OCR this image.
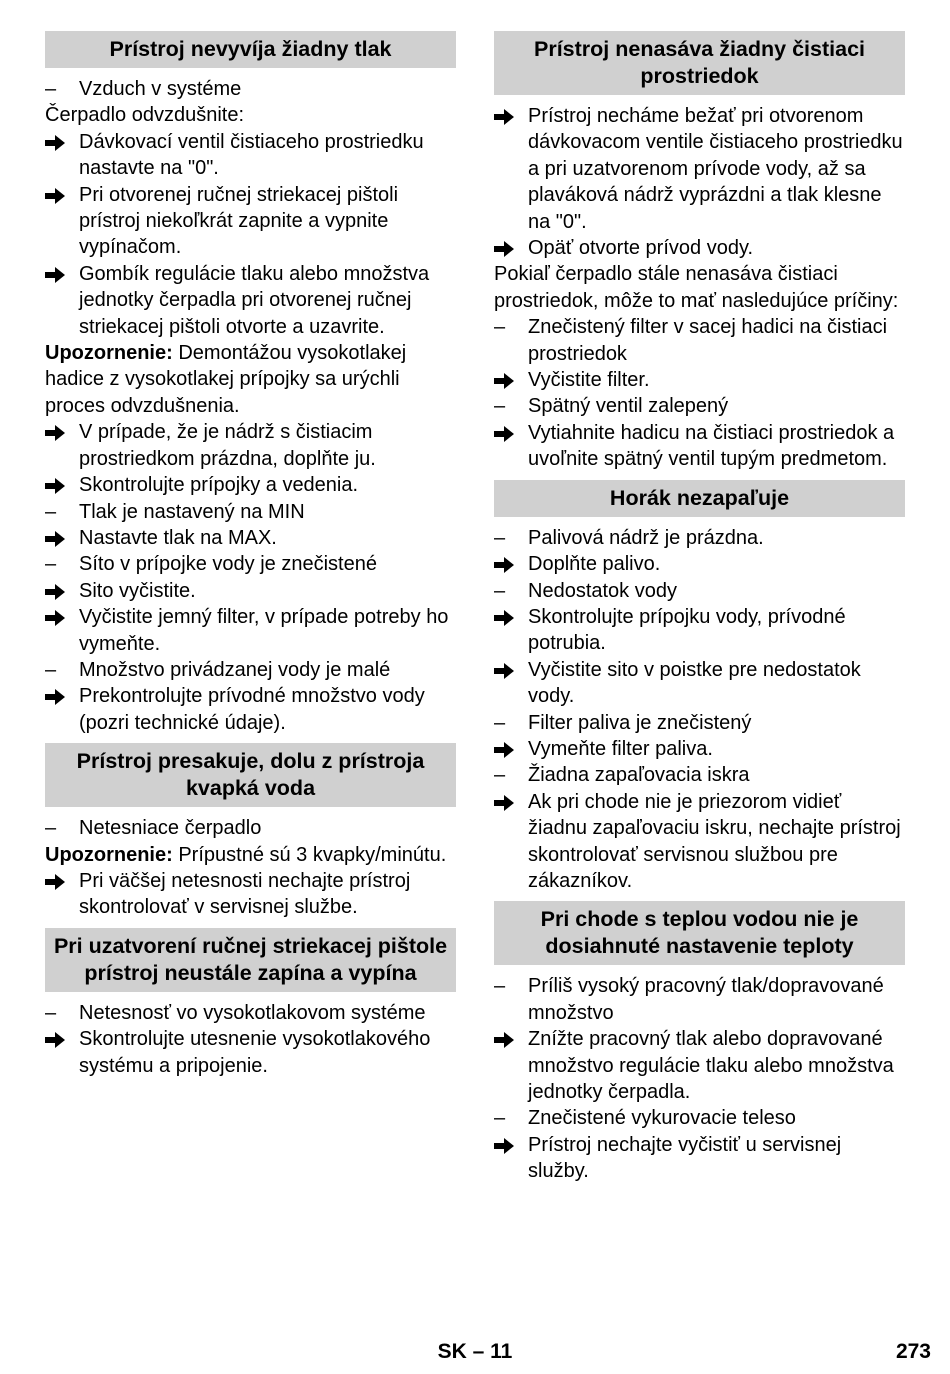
Prístroj nevyvíja žiadny tlak
–	Vzduch v systéme
Čerpadlo odvzdušnite:
Dávkovací ventil čistiaceho prostriedku nastavte na "0".
Pri otvorenej ručnej striekacej pištoli prístroj niekoľkrát zapnite a vypnite vypínačom.
Gombík regulácie tlaku alebo množstva jednotky čerpadla pri otvorenej ručnej striekacej pištoli otvorte a uzavrite.
Upozornenie: Demontážou vysokotlakej hadice z vysokotlakej prípojky sa urýchli proces odvzdušnenia.
V prípade, že je nádrž s čistiacim prostriedkom prázdna, doplňte ju.
Skontrolujte prípojky a vedenia.
–	Tlak je nastavený na MIN
Nastavte tlak na MAX.
–	Síto v prípojke vody je znečistené
Sito vyčistite.
Vyčistite jemný filter, v prípade potreby ho vymeňte.
–	Množstvo privádzanej vody je malé
Prekontrolujte prívodné množstvo vody (pozri technické údaje).
Prístroj presakuje, dolu z prístroja kvapká voda
–	Netesniace čerpadlo
Upozornenie: Prípustné sú 3 kvapky/minútu.
Pri väčšej netesnosti nechajte prístroj skontrolovať v servisnej službe.
Pri uzatvorení ručnej striekacej pištole prístroj neustále zapína a vypína
–	Netesnosť vo vysokotlakovom systéme
Skontrolujte utesnenie vysokotlakového systému a pripojenie.
Prístroj nenasáva žiadny čistiaci prostriedok
Prístroj necháme bežať pri otvorenom dávkovacom ventile čistiaceho prostriedku a pri uzatvorenom prívode vody, až sa plaváková nádrž vyprázdni a tlak klesne na "0".
Opäť otvorte prívod vody.
Pokiaľ čerpadlo stále nenasáva čistiaci prostriedok, môže to mať nasledujúce príčiny:
–	Znečistený filter v sacej hadici na čistiaci prostriedok
Vyčistite filter.
–	Spätný ventil zalepený
Vytiahnite hadicu na čistiaci prostriedok a uvoľnite spätný ventil tupým predmetom.
Horák nezapaľuje
–	Palivová nádrž je prázdna.
Doplňte palivo.
–	Nedostatok vody
Skontrolujte prípojku vody, prívodné potrubia.
Vyčistite sito v poistke pre nedostatok vody.
–	Filter paliva je znečistený
Vymeňte filter paliva.
–	Žiadna zapaľovacia iskra
Ak pri chode nie je priezorom vidieť žiadnu zapaľovaciu iskru, nechajte prístroj skontrolovať servisnou službou pre zákazníkov.
Pri chode s teplou vodou nie je dosiahnuté nastavenie teploty
–	Príliš vysoký pracovný tlak/dopravované množstvo
Znížte pracovný tlak alebo dopravované množstvo regulácie tlaku alebo množstva jednotky čerpadla.
–	Znečistené vykurovacie teleso
Prístroj nechajte vyčistiť u servisnej služby.
SK – 11	273
